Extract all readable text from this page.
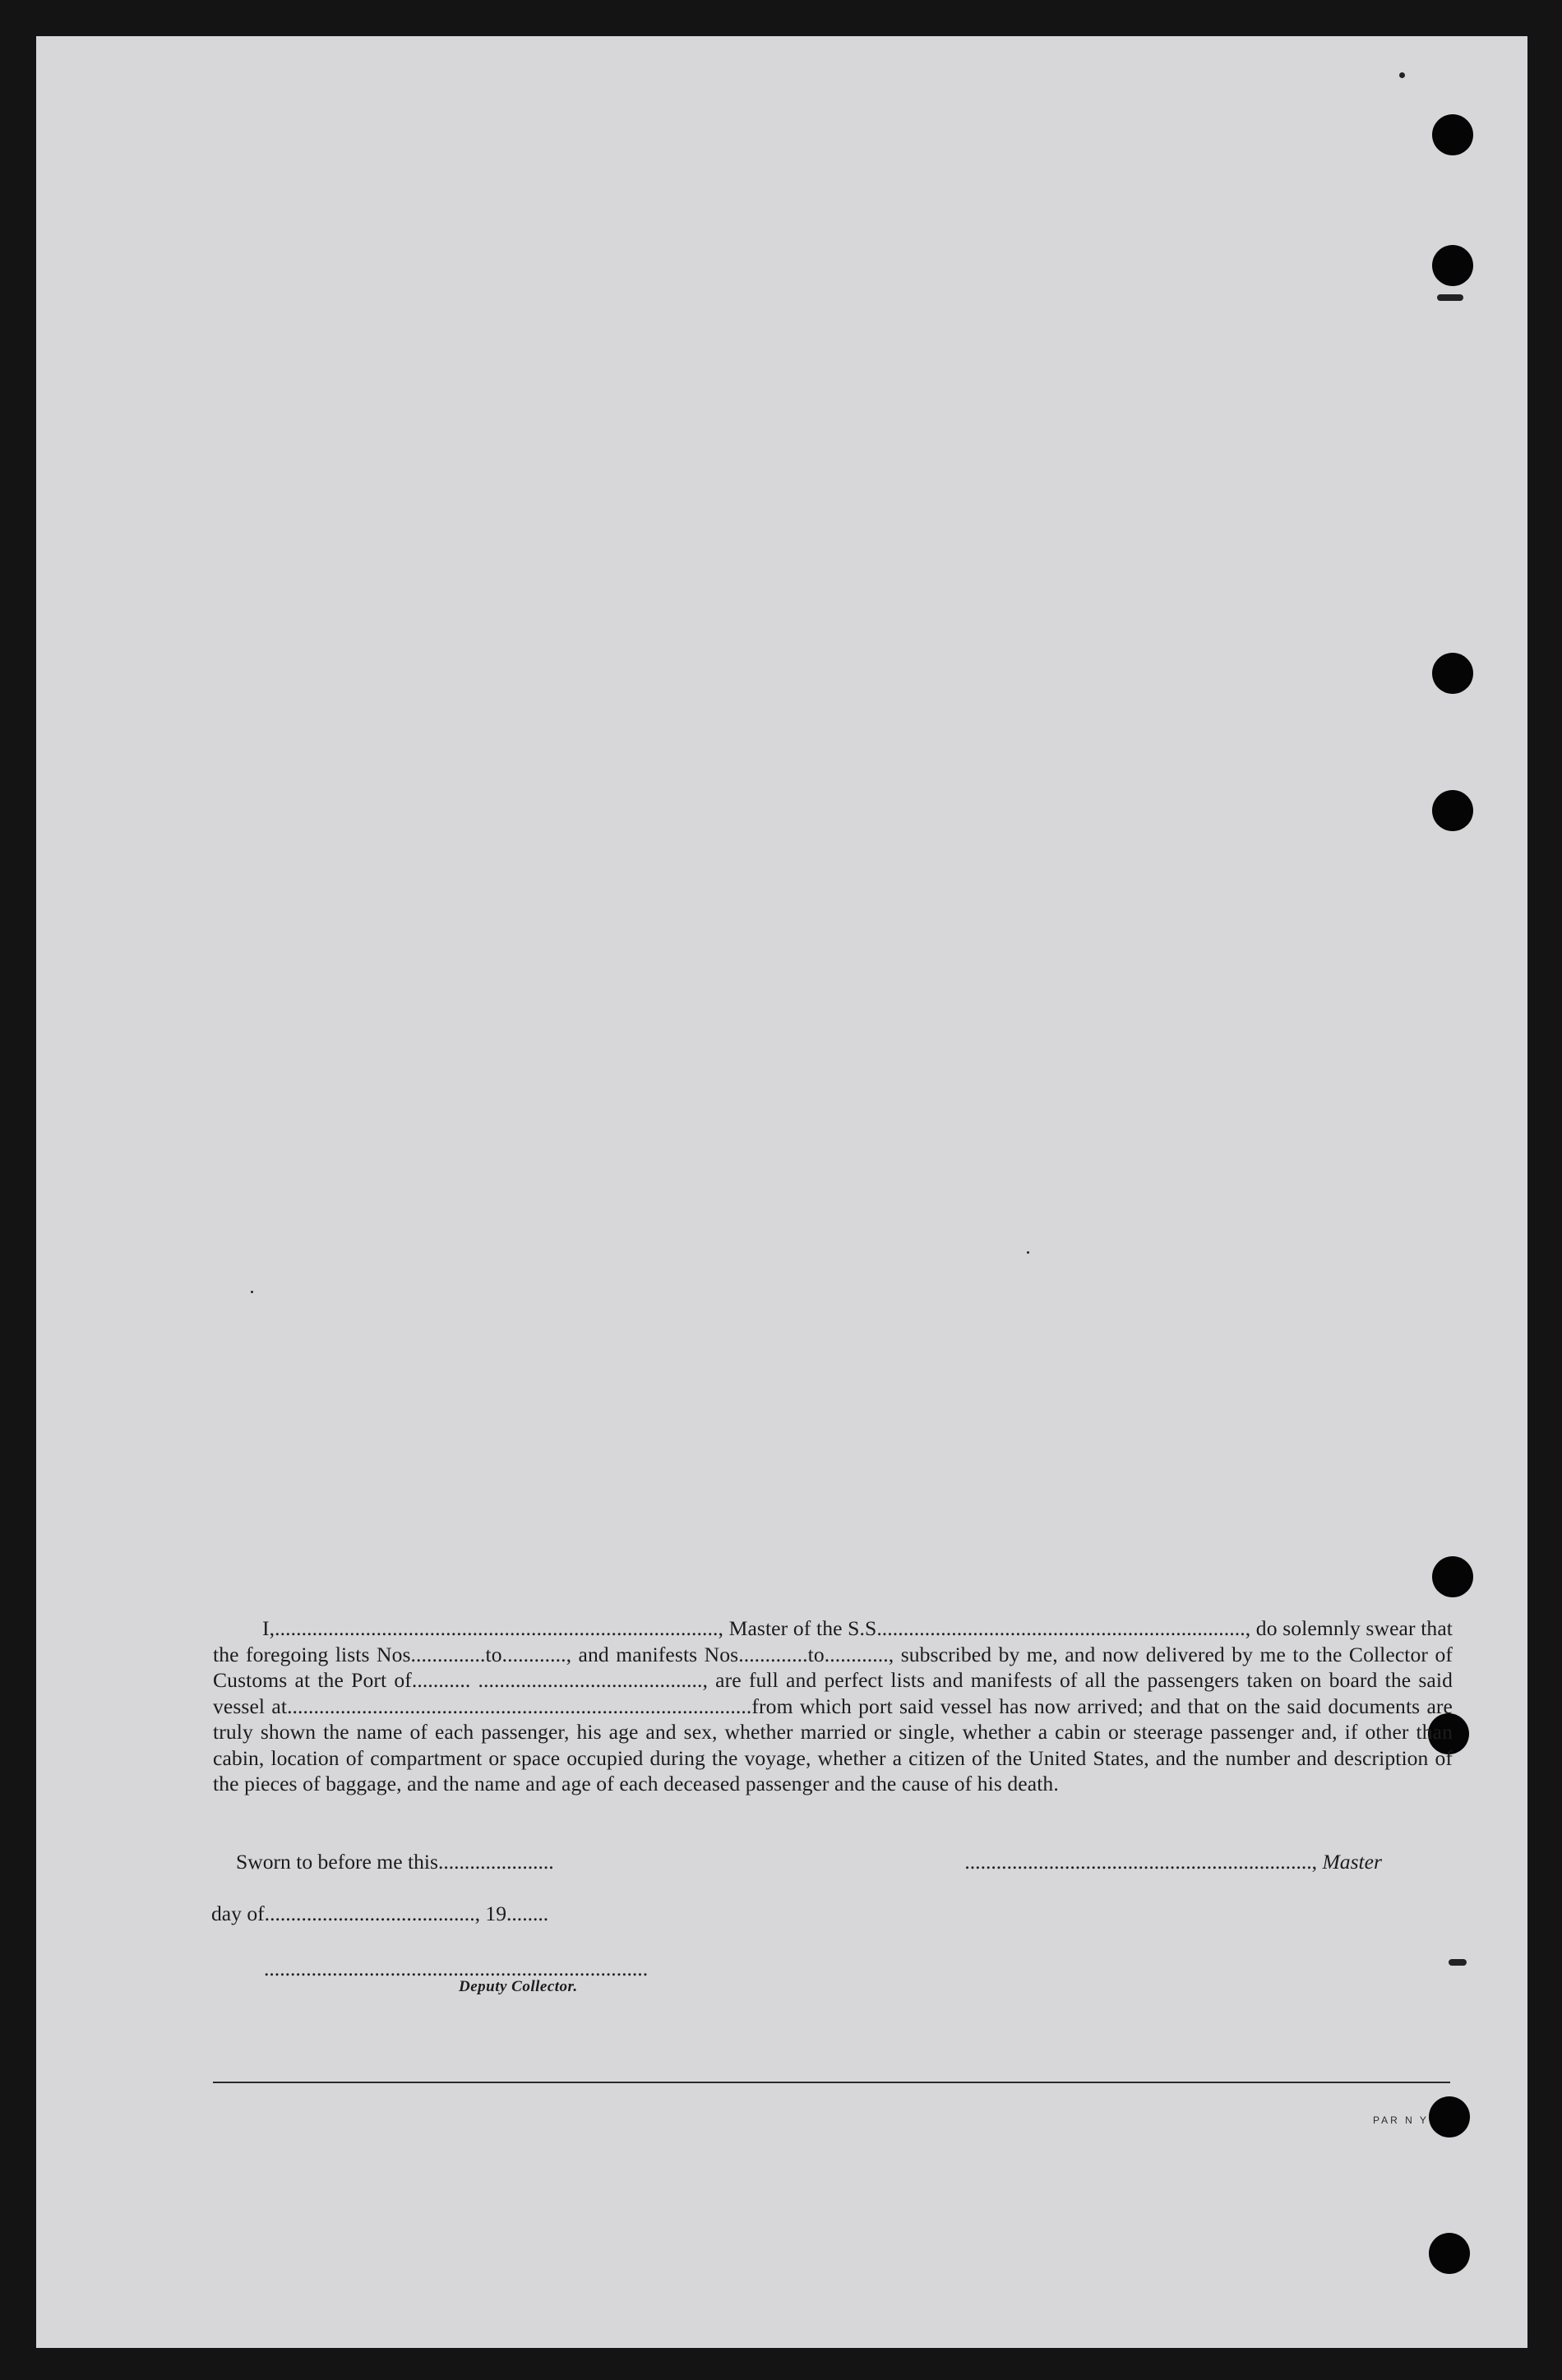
I,..................................................................................., Master of the S.S....................................................................., do solemnly swear that the foregoing lists Nos..............to............, and manifests Nos.............to............, subscribed by me, and now delivered by me to the Collector of Customs at the Port of........... .........................................., are full and perfect lists and manifests of all the passengers taken on board the said vessel at.......................................................................................from which port said vessel has now arrived; and that on the said documents are truly shown the name of each passenger, his age and sex, whether married or single, whether a cabin or steerage passenger and, if other than cabin, location of compartment or space occupied during the voyage, whether a citizen of the United States, and the number and description of the pieces of baggage, and the name and age of each deceased passenger and the cause of his death.

Sworn to before me this......................	.................................................................., Master
day of........................................, 19........
.........................................................................
Deputy Collector.
PAR N Y
